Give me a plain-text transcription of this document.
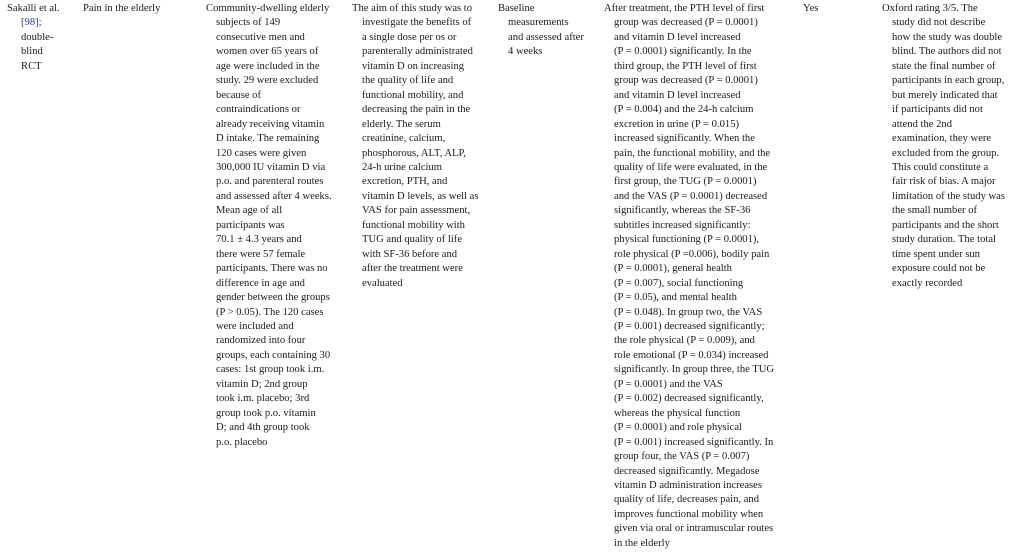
Sakalli et al.
[98];
double-
blind
RCT
Pain in the elderly	Community-dwelling elderly
subjects of 149
consecutive men and
women over 65 years of
age were included in the
study. 29 were excluded
because of
contraindications or
already receiving vitamin
D intake. The remaining
120 cases were given
300,000 IU vitamin D via
p.o. and parenteral routes
and assessed after 4 weeks.
Mean age of all
participants was
70.1 ± 4.3 years and
there were 57 female
participants. There was no
difference in age and
gender between the groups
(P > 0.05). The 120 cases
were included and
randomized into four
groups, each containing 30
cases: 1st group took i.m.
vitamin D; 2nd group
took i.m. placebo; 3rd
group took p.o. vitamin
D; and 4th group took
p.o. placebo
The aim of this study was to
investigate the benefits of
a single dose per os or
parenterally administrated
vitamin D on increasing
the quality of life and
functional mobility, and
decreasing the pain in the
elderly. The serum
creatinine, calcium,
phosphorous, ALT, ALP,
24-h urine calcium
excretion, PTH, and
vitamin D levels, as well as
VAS for pain assessment,
functional mobility with
TUG and quality of life
with SF-36 before and
after the treatment were
evaluated
Baseline
measurements
and assessed after
4 weeks
After treatment, the PTH level of first
group was decreased (P = 0.0001)
and vitamin D level increased
(P = 0.0001) significantly. In the
third group, the PTH level of first
group was decreased (P = 0.0001)
and vitamin D level increased
(P = 0.004) and the 24-h calcium
excretion in urine (P = 0.015)
increased significantly. When the
pain, the functional mobility, and the
quality of life were evaluated, in the
first group, the TUG (P = 0.0001)
and the VAS (P = 0.0001) decreased
significantly, whereas the SF-36
subtitles increased significantly:
physical functioning (P = 0.0001),
role physical (P =0.006), bodily pain
(P = 0.0001), general health
(P = 0.007), social functioning
(P = 0.05), and mental health
(P = 0.048). In group two, the VAS
(P = 0.001) decreased significantly;
the role physical (P = 0.009), and
role emotional (P = 0.034) increased
significantly. In group three, the TUG
(P = 0.0001) and the VAS
(P = 0.002) decreased significantly,
whereas the physical function
(P = 0.0001) and role physical
(P = 0.001) increased significantly. In
group four, the VAS (P = 0.007)
decreased significantly. Megadose
vitamin D administration increases
quality of life, decreases pain, and
improves functional mobility when
given via oral or intramuscular routes
in the elderly
Yes	Oxford rating 3/5. The
study did not describe
how the study was double
blind. The authors did not
state the final number of
participants in each group,
but merely indicated that
if participants did not
attend the 2nd
examination, they were
excluded from the group.
This could constitute a
fair risk of bias. A major
limitation of the study was
the small number of
participants and the short
study duration. The total
time spent under sun
exposure could not be
exactly recorded
